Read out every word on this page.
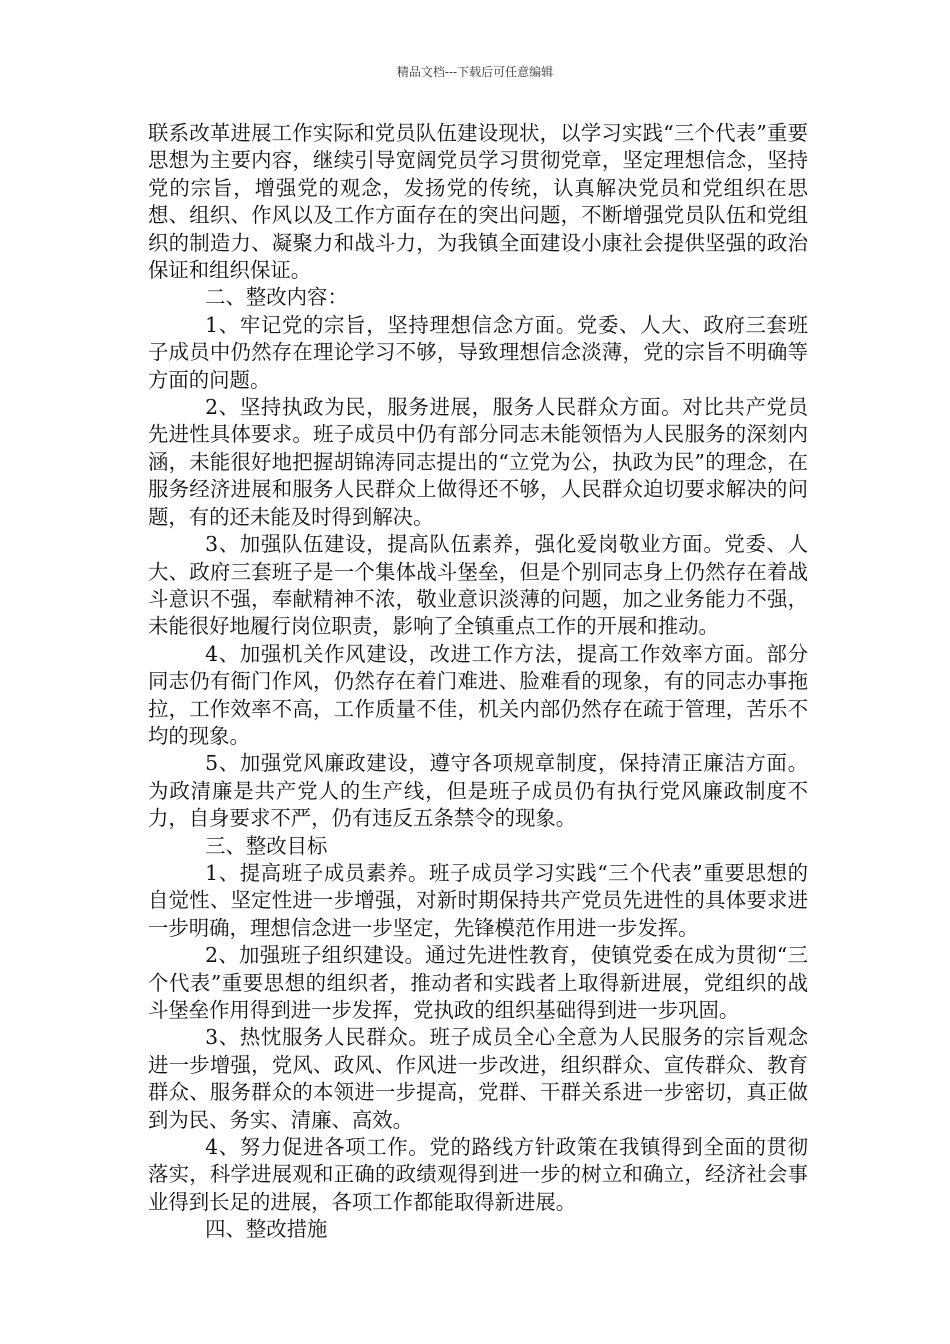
精品文档---下载后可任意编辑

联系改革进展工作实际和党员队伍建设现状，以学习实践“三个代表”重要思想为主要内容，继续引导宽阔党员学习贯彻党章，坚定理想信念，坚持党的宗旨，增强党的观念，发扬党的传统，认真解决党员和党组织在思想、组织、作风以及工作方面存在的突出问题，不断增强党员队伍和党组织的制造力、凝聚力和战斗力，为我镇全面建设小康社会提供坚强的政治保证和组织保证。

二、整改内容：

1、牢记党的宗旨，坚持理想信念方面。党委、人大、政府三套班子成员中仍然存在理论学习不够，导致理想信念淡薄，党的宗旨不明确等方面的问题。

2、坚持执政为民，服务进展，服务人民群众方面。对比共产党员先进性具体要求。班子成员中仍有部分同志未能领悟为人民服务的深刻内涵，未能很好地把握胡锦涛同志提出的“立党为公，执政为民”的理念，在服务经济进展和服务人民群众上做得还不够，人民群众迫切要求解决的问题，有的还未能及时得到解决。

3、加强队伍建设，提高队伍素养，强化爱岗敬业方面。党委、人大、政府三套班子是一个集体战斗堡垒，但是个别同志身上仍然存在着战斗意识不强，奉献精神不浓，敬业意识淡薄的问题，加之业务能力不强，未能很好地履行岗位职责，影响了全镇重点工作的开展和推动。

4、加强机关作风建设，改进工作方法，提高工作效率方面。部分同志仍有衙门作风，仍然存在着门难进、脸难看的现象，有的同志办事拖拉，工作效率不高，工作质量不佳，机关内部仍然存在疏于管理，苦乐不均的现象。

5、加强党风廉政建设，遵守各项规章制度，保持清正廉洁方面。为政清廉是共产党人的生产线，但是班子成员仍有执行党风廉政制度不力，自身要求不严，仍有违反五条禁令的现象。

三、整改目标

1、提高班子成员素养。班子成员学习实践“三个代表”重要思想的自觉性、坚定性进一步增强，对新时期保持共产党员先进性的具体要求进一步明确，理想信念进一步坚定，先锋模范作用进一步发挥。

2、加强班子组织建设。通过先进性教育，使镇党委在成为贯彻“三个代表”重要思想的组织者，推动者和实践者上取得新进展，党组织的战斗堡垒作用得到进一步发挥，党执政的组织基础得到进一步巩固。

3、热忱服务人民群众。班子成员全心全意为人民服务的宗旨观念进一步增强，党风、政风、作风进一步改进，组织群众、宣传群众、教育群众、服务群众的本领进一步提高，党群、干群关系进一步密切，真正做到为民、务实、清廉、高效。

4、努力促进各项工作。党的路线方针政策在我镇得到全面的贯彻落实，科学进展观和正确的政绩观得到进一步的树立和确立，经济社会事业得到长足的进展，各项工作都能取得新进展。

四、整改措施
